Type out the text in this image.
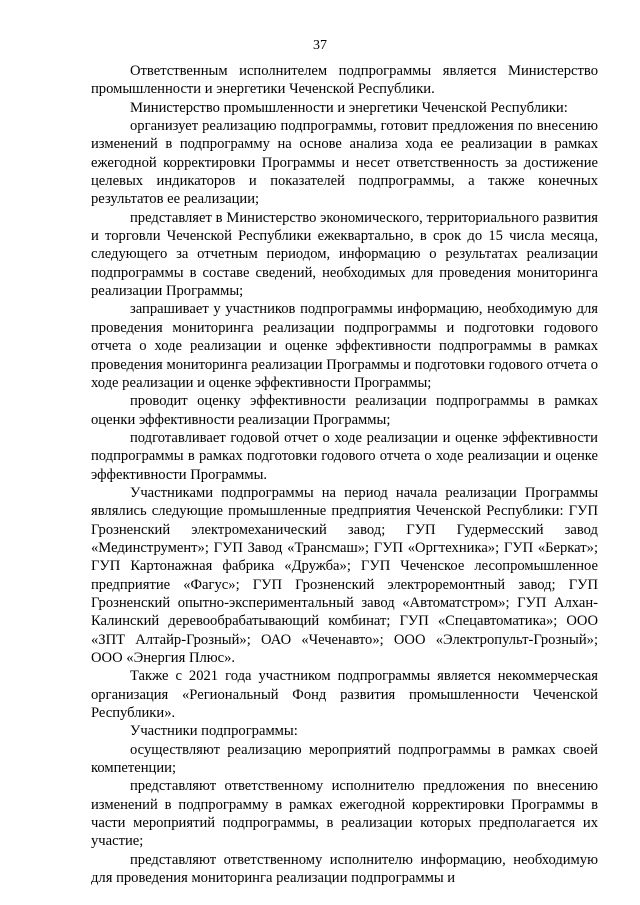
37

Ответственным исполнителем подпрограммы является Министерство промышленности и энергетики Чеченской Республики.

Министерство промышленности и энергетики Чеченской Республики:

организует реализацию подпрограммы, готовит предложения по внесению изменений в подпрограмму на основе анализа хода ее реализации в рамках ежегодной корректировки Программы и несет ответственность за достижение целевых индикаторов и показателей подпрограммы, а также конечных результатов ее реализации;

представляет в Министерство экономического, территориального развития и торговли Чеченской Республики ежеквартально, в срок до 15 числа месяца, следующего за отчетным периодом, информацию о результатах реализации подпрограммы в составе сведений, необходимых для проведения мониторинга реализации Программы;

запрашивает у участников подпрограммы информацию, необходимую для проведения мониторинга реализации подпрограммы и подготовки годового отчета о ходе реализации и оценке эффективности подпрограммы в рамках проведения мониторинга реализации Программы и подготовки годового отчета о ходе реализации и оценке эффективности Программы;

проводит оценку эффективности реализации подпрограммы в рамках оценки эффективности реализации Программы;

подготавливает годовой отчет о ходе реализации и оценке эффективности подпрограммы в рамках подготовки годового отчета о ходе реализации и оценке эффективности Программы.

Участниками подпрограммы на период начала реализации Программы являлись следующие промышленные предприятия Чеченской Республики: ГУП Грозненский электромеханический завод; ГУП Гудермесский завод «Мединструмент»; ГУП Завод «Трансмаш»; ГУП «Оргтехника»; ГУП «Беркат»; ГУП Картонажная фабрика «Дружба»; ГУП Чеченское лесопромышленное предприятие «Фагус»; ГУП Грозненский электроремонтный завод; ГУП Грозненский опытно-экспериментальный завод «Автоматстром»; ГУП Алхан-Калинский деревообрабатывающий комбинат; ГУП «Спецавтоматика»; ООО «ЗПТ Алтайр-Грозный»; ОАО «Чеченавто»; ООО «Электропульт-Грозный»; ООО «Энергия Плюс».

Также с 2021 года участником подпрограммы является некоммерческая организация «Региональный Фонд развития промышленности Чеченской Республики».

Участники подпрограммы:

осуществляют реализацию мероприятий подпрограммы в рамках своей компетенции;

представляют ответственному исполнителю предложения по внесению изменений в подпрограмму в рамках ежегодной корректировки Программы в части мероприятий подпрограммы, в реализации которых предполагается их участие;

представляют ответственному исполнителю информацию, необходимую для проведения мониторинга реализации подпрограммы и
